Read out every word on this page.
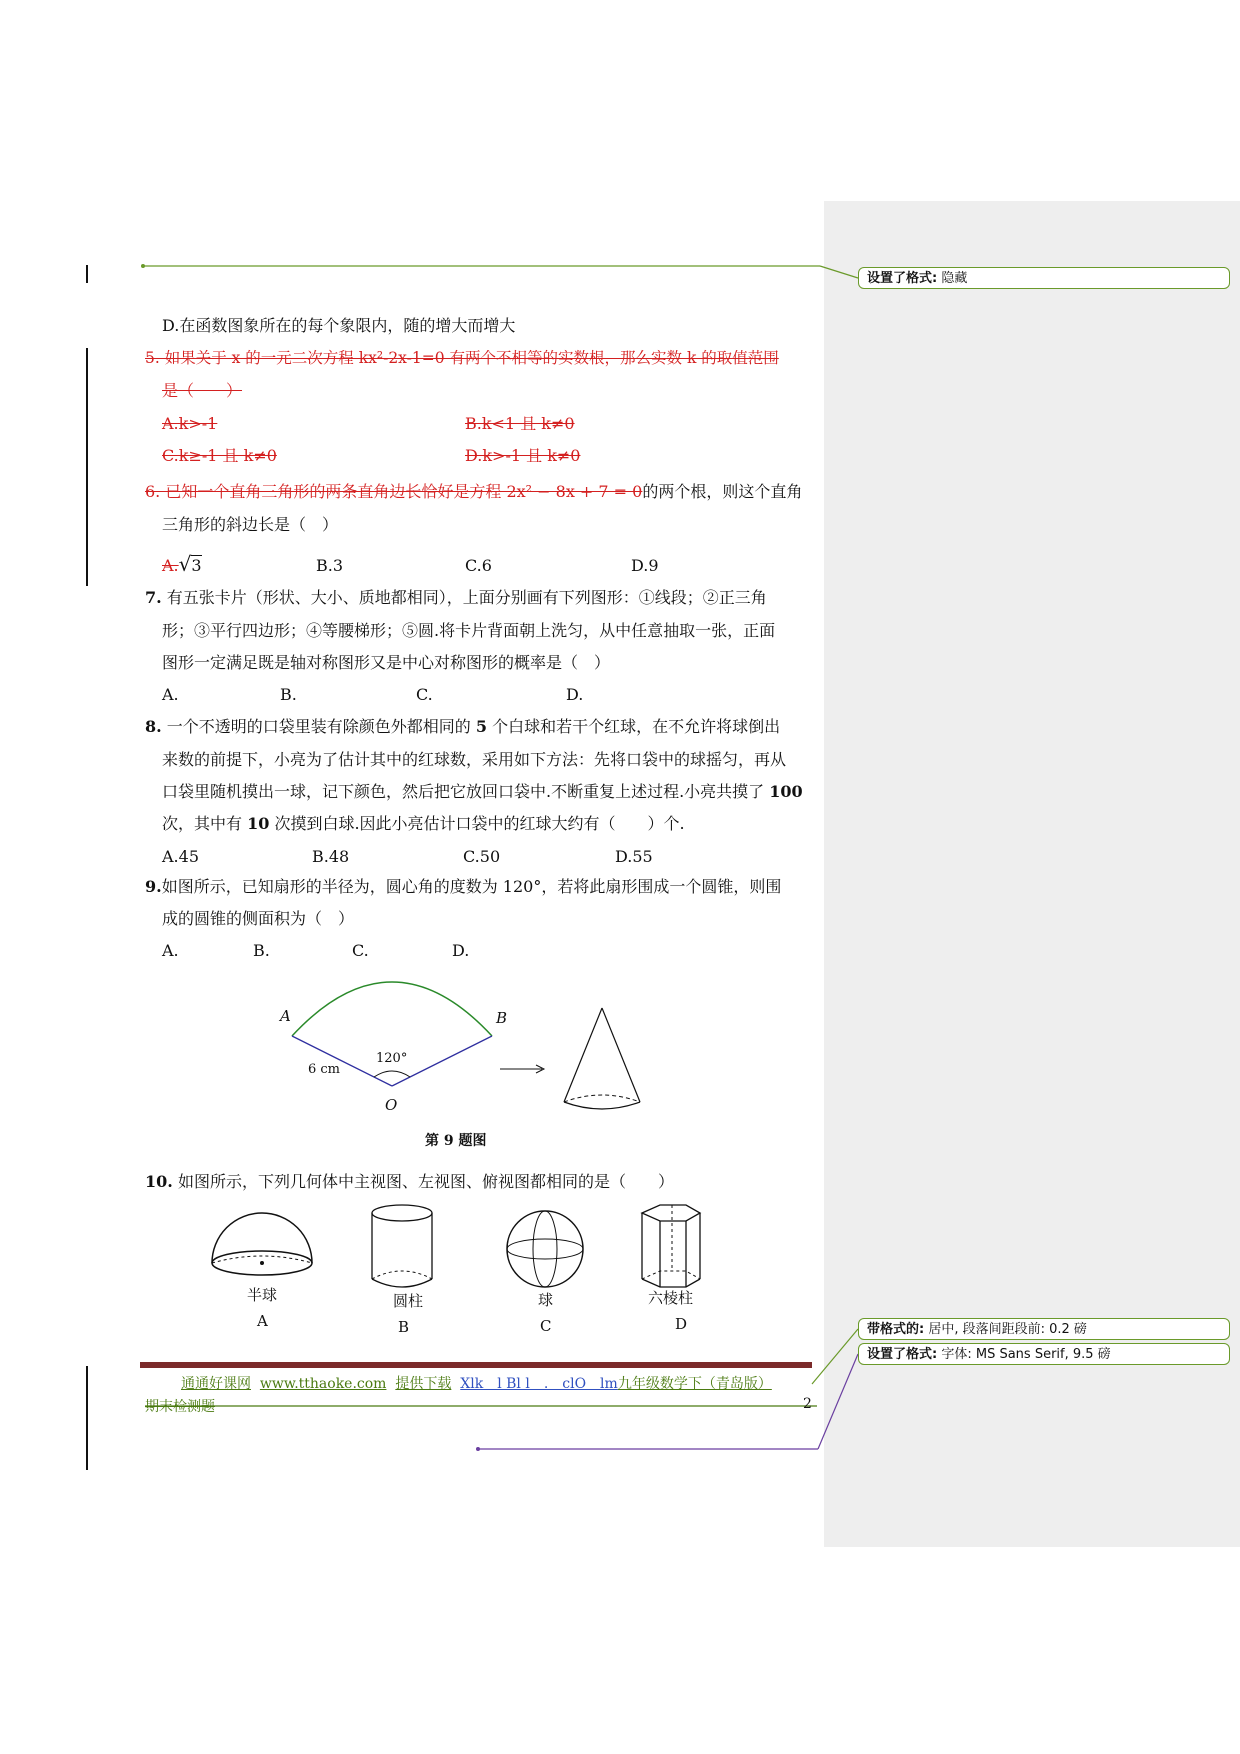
设置了格式: 隐藏
带格式的: 居中, 段落间距段前: 0.2 磅
设置了格式: 字体: MS Sans Serif, 9.5 磅
D.在函数图象所在的每个象限内，随的增大而增大
5. 如果关于 x 的一元二次方程 kx²-2x-1=0 有两个不相等的实数根，那么实数 k 的取值范围
是（　　）
A.k>-1	B.k<1 且 k≠0
C.k≥-1 且 k≠0	D.k>-1 且 k≠0
6. 已知一个直角三角形的两条直角边长恰好是方程 2x² − 8x + 7 = 0的两个根，则这个直角
三角形的斜边长是（　）
A.√3	B.3	C.6	D.9
7. 有五张卡片（形状、大小、质地都相同），上面分别画有下列图形：①线段；②正三角
形；③平行四边形；④等腰梯形；⑤圆.将卡片背面朝上洗匀，从中任意抽取一张，正面
图形一定满足既是轴对称图形又是中心对称图形的概率是（　）
A.	B.	C.	D.
8. 一个不透明的口袋里装有除颜色外都相同的 5 个白球和若干个红球，在不允许将球倒出
来数的前提下，小亮为了估计其中的红球数，采用如下方法：先将口袋中的球摇匀，再从
口袋里随机摸出一球，记下颜色，然后把它放回口袋中.不断重复上述过程.小亮共摸了 100
次，其中有 10 次摸到白球.因此小亮估计口袋中的红球大约有（　　）个.
A.45	B.48	C.50	D.55
9.如图所示，已知扇形的半径为，圆心角的度数为 120°，若将此扇形围成一个圆锥，则围
成的圆锥的侧面积为（　）
A.	B.	C.	D.
A	B
O
120°
6 cm
第 9 题图
10. 如图所示，下列几何体中主视图、左视图、俯视图都相同的是（　　）
半球
A
圆柱
B
球
C
六棱柱
D
通通好课网 www.tthaoke.com 提供下载 Xlk　l Bl l　.　clO　lm九年级数学下（青岛版）
期末检测题	2
